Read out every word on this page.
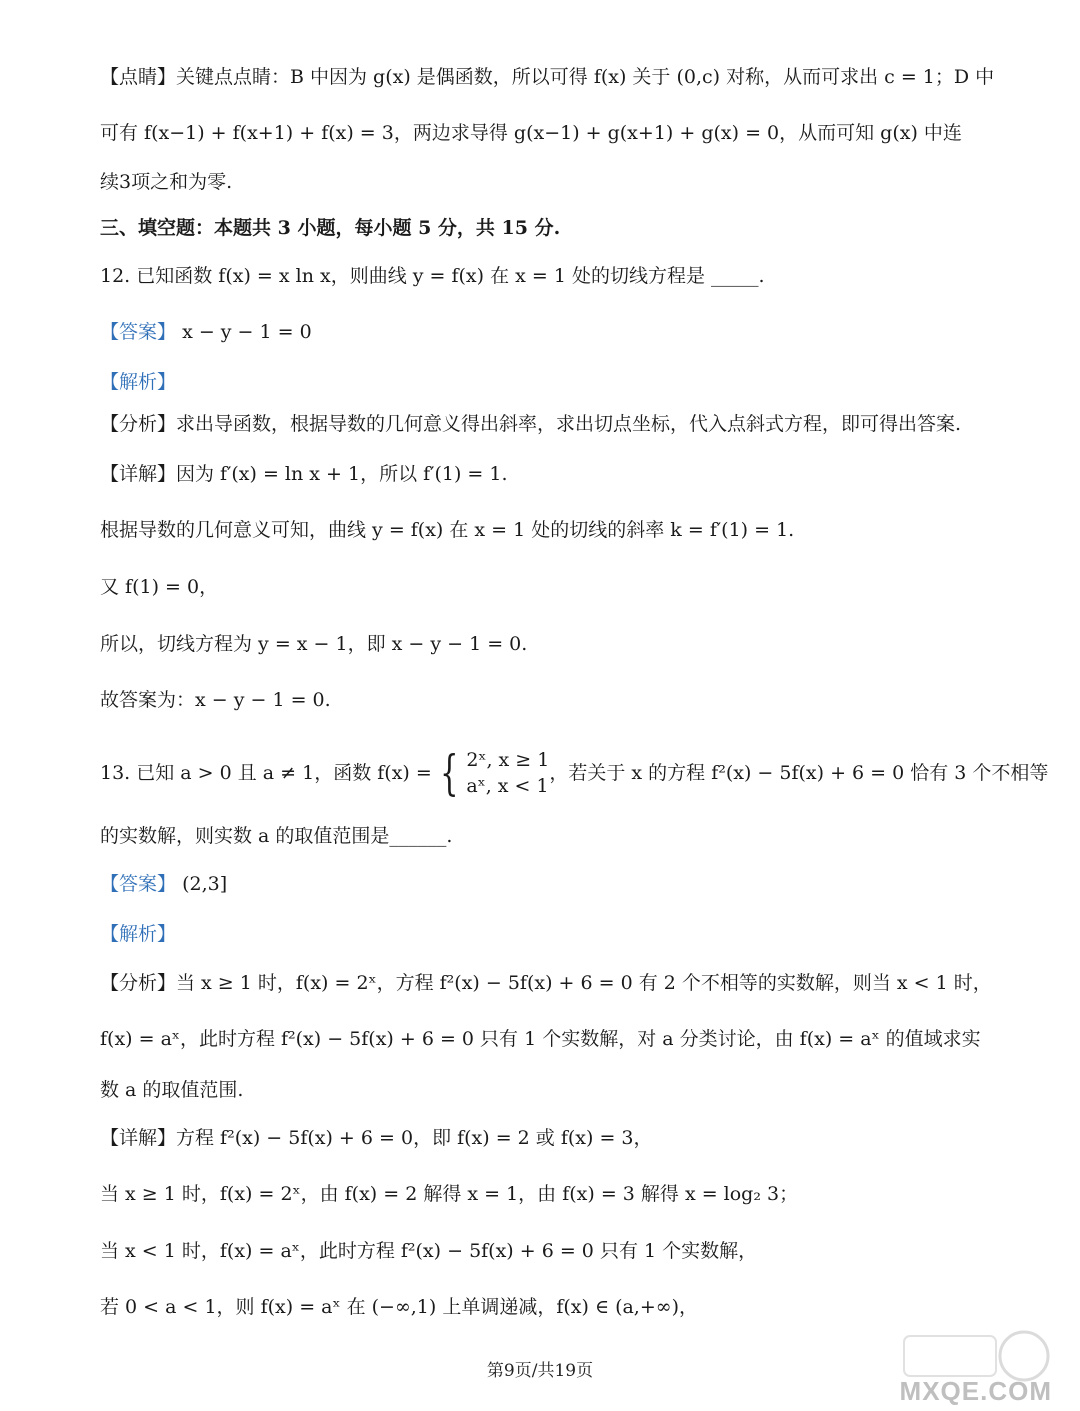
【点睛】关键点点睛：B 中因为 g(x) 是偶函数，所以可得 f(x) 关于 (0,c) 对称，从而可求出 c = 1；D 中
可有 f(x−1) + f(x+1) + f(x) = 3，两边求导得 g(x−1) + g(x+1) + g(x) = 0，从而可知 g(x) 中连
续3项之和为零.
三、填空题：本题共 3 小题，每小题 5 分，共 15 分.
12. 已知函数 f(x) = x ln x，则曲线 y = f(x) 在 x = 1 处的切线方程是 _____.
【答案】 x − y − 1 = 0
【解析】
【分析】求出导函数，根据导数的几何意义得出斜率，求出切点坐标，代入点斜式方程，即可得出答案.
【详解】因为 f′(x) = ln x + 1，所以 f′(1) = 1.
根据导数的几何意义可知，曲线 y = f(x) 在 x = 1 处的切线的斜率 k = f′(1) = 1.
又 f(1) = 0，
所以，切线方程为 y = x − 1，即 x − y − 1 = 0.
故答案为：x − y − 1 = 0.
13. 已知 a > 0 且 a ≠ 1，函数 f(x) = { 2ˣ, x ≥ 1
aˣ, x < 1
，若关于 x 的方程 f²(x) − 5f(x) + 6 = 0 恰有 3 个不相等
的实数解，则实数 a 的取值范围是______.
【答案】 (2,3]
【解析】
【分析】当 x ≥ 1 时，f(x) = 2ˣ，方程 f²(x) − 5f(x) + 6 = 0 有 2 个不相等的实数解，则当 x < 1 时，
f(x) = aˣ，此时方程 f²(x) − 5f(x) + 6 = 0 只有 1 个实数解，对 a 分类讨论，由 f(x) = aˣ 的值域求实
数 a 的取值范围.
【详解】方程 f²(x) − 5f(x) + 6 = 0，即 f(x) = 2 或 f(x) = 3，
当 x ≥ 1 时，f(x) = 2ˣ，由 f(x) = 2 解得 x = 1，由 f(x) = 3 解得 x = log₂ 3；
当 x < 1 时，f(x) = aˣ，此时方程 f²(x) − 5f(x) + 6 = 0 只有 1 个实数解，
若 0 < a < 1，则 f(x) = aˣ 在 (−∞,1) 上单调递减，f(x) ∈ (a,+∞)，
第9页/共19页
MXQE.COM
